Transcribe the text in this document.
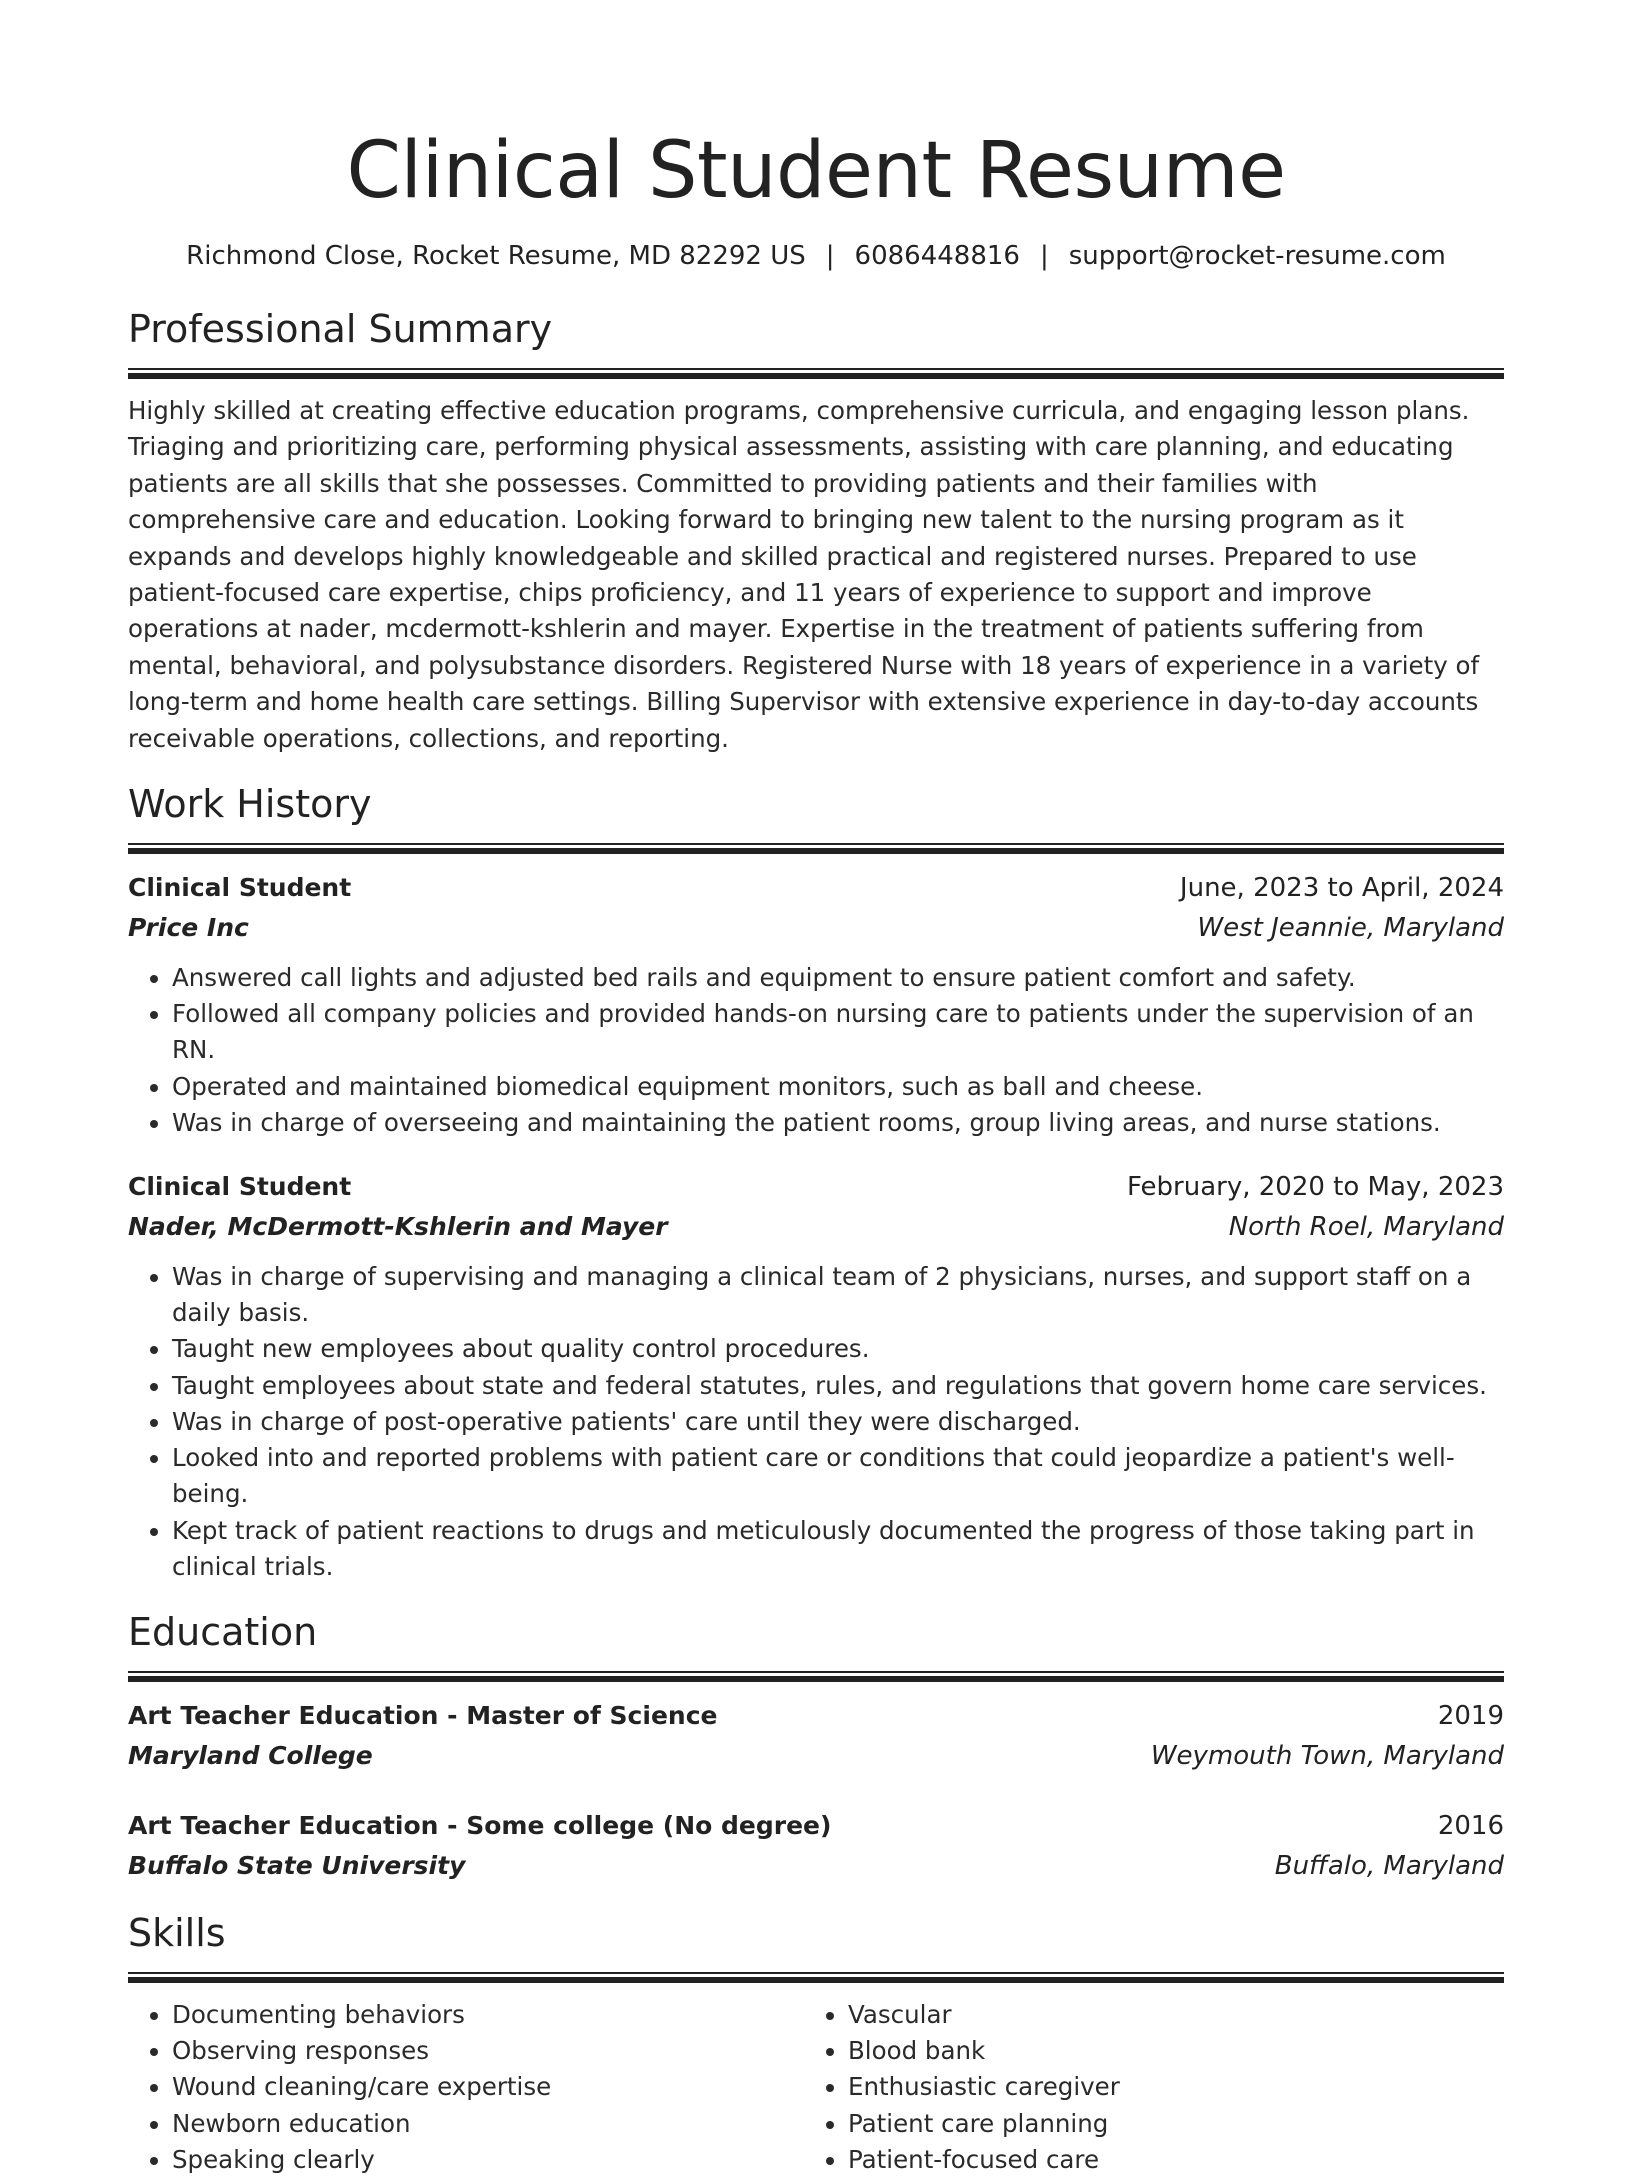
Clinical Student Resume
Richmond Close, Rocket Resume, MD 82292 US | 6086448816 | support@rocket-resume.com
Professional Summary

Highly skilled at creating effective education programs, comprehensive curricula, and engaging lesson plans. Triaging and prioritizing care, performing physical assessments, assisting with care planning, and educating patients are all skills that she possesses. Committed to providing patients and their families with comprehensive care and education. Looking forward to bringing new talent to the nursing program as it expands and develops highly knowledgeable and skilled practical and registered nurses. Prepared to use patient-focused care expertise, chips proficiency, and 11 years of experience to support and improve operations at nader, mcdermott-kshlerin and mayer. Expertise in the treatment of patients suffering from mental, behavioral, and polysubstance disorders. Registered Nurse with 18 years of experience in a variety of long-term and home health care settings. Billing Supervisor with extensive experience in day-to-day accounts receivable operations, collections, and reporting.

Work History
Clinical Student	June, 2023 to April, 2024
Price Inc	West Jeannie, Maryland
• Answered call lights and adjusted bed rails and equipment to ensure patient comfort and safety.
• Followed all company policies and provided hands-on nursing care to patients under the supervision of an RN.
• Operated and maintained biomedical equipment monitors, such as ball and cheese.
• Was in charge of overseeing and maintaining the patient rooms, group living areas, and nurse stations.
Clinical Student	February, 2020 to May, 2023
Nader, McDermott-Kshlerin and Mayer	North Roel, Maryland
• Was in charge of supervising and managing a clinical team of 2 physicians, nurses, and support staff on a daily basis.
• Taught new employees about quality control procedures.
• Taught employees about state and federal statutes, rules, and regulations that govern home care services.
• Was in charge of post-operative patients' care until they were discharged.
• Looked into and reported problems with patient care or conditions that could jeopardize a patient's well-being.
• Kept track of patient reactions to drugs and meticulously documented the progress of those taking part in clinical trials.
Education
Art Teacher Education - Master of Science	2019
Maryland College	Weymouth Town, Maryland
Art Teacher Education - Some college (No degree)	2016
Buffalo State University	Buffalo, Maryland
Skills
• Documenting behaviors
• Observing responses
• Wound cleaning/care expertise
• Newborn education
• Speaking clearly
• Vascular
• Blood bank
• Enthusiastic caregiver
• Patient care planning
• Patient-focused care
